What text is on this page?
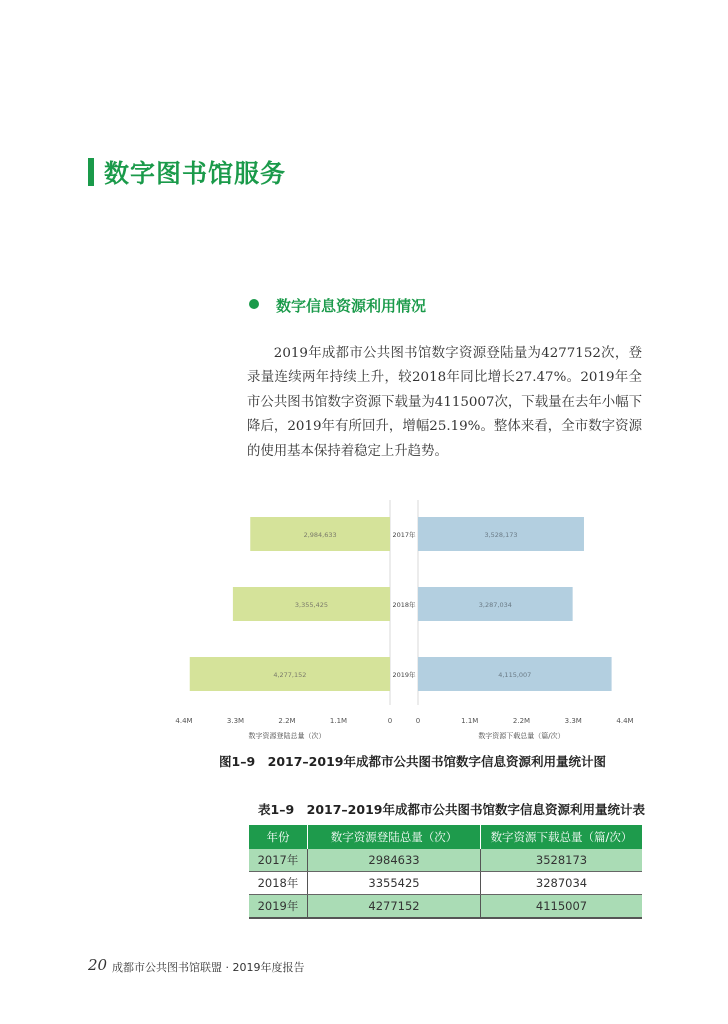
数字图书馆服务
数字信息资源利用情况

2019年成都市公共图书馆数字资源登陆量为4277152次，登录量连续两年持续上升，较2018年同比增长27.47%。2019年全市公共图书馆数字资源下载量为4115007次，下载量在去年小幅下降后，2019年有所回升，增幅25.19%。整体来看，全市数字资源的使用基本保持着稳定上升趋势。

2,984,633	3,528,173
2017年
3,355,425	3,287,034
2018年
4,277,152	4,115,007
2019年
4.4M	3.3M	2.2M	1.1M	0	0	1.1M	2.2M	3.3M	4.4M
数字资源登陆总量（次）	数字资源下载总量（篇/次）
图1–9　2017–2019年成都市公共图书馆数字信息资源利用量统计图
表1–9　2017–2019年成都市公共图书馆数字信息资源利用量统计表
年份	数字资源登陆总量（次）	数字资源下载总量（篇/次）
2017年	2984633	3528173
2018年	3355425	3287034
2019年	4277152	4115007
20 成都市公共图书馆联盟 · 2019年度报告
